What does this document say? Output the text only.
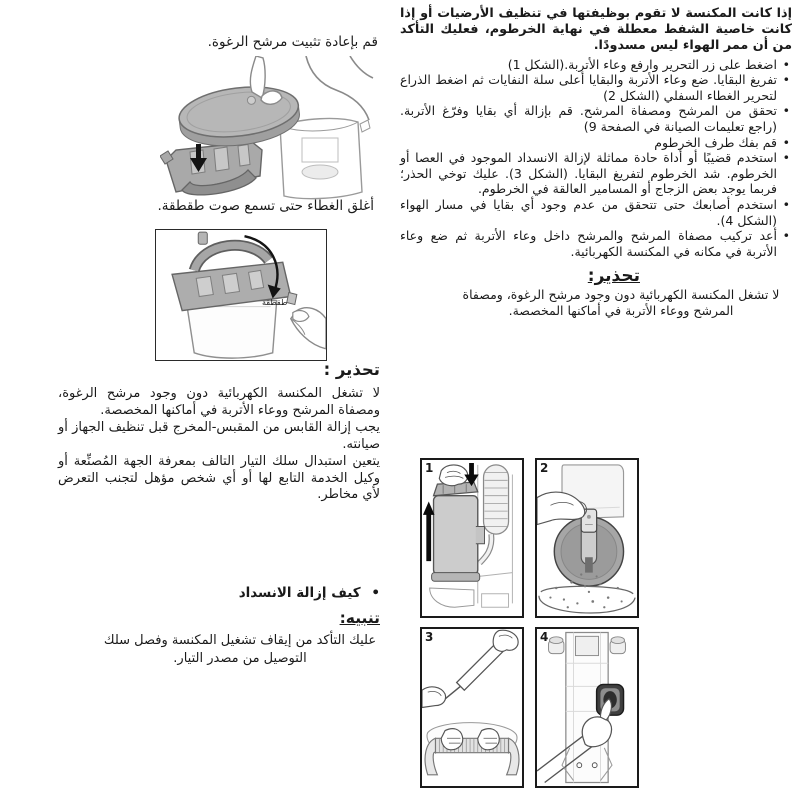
إذا كانت المكنسة لا تقوم بوظيفتها في تنظيف الأرضيات أو إذا كانت خاصية الشفط معطلة في نهاية الخرطوم، فعليك التأكد من أن ممر الهواء ليس مسدودًا.

•
اضغط على زر التحرير وارفع وعاء الأتربة.(الشكل 1)
•
تفريغ البقايا. ضع وعاء الأتربة والبقايا أعلى سلة النفايات ثم اضغط الذراع لتحرير الغطاء السفلي (الشكل 2)
•
تحقق من المرشح ومصفاة المرشح. قم بإزالة أي بقايا وفرّغ الأتربة. (راجع تعليمات الصيانة في الصفحة 9)
•
قم بفك طرف الخرطوم
•
استخدم قضيبًا أو أداة حادة مماثلة لإزالة الانسداد الموجود في العصا أو الخرطوم. شد الخرطوم لتفريغ البقايا. (الشكل 3). عليك توخي الحذر؛ فربما يوجد بعض الزجاج أو المسامير العالقة في الخرطوم.
•
استخدم أصابعك حتى تتحقق من عدم وجود أي بقايا في مسار الهواء (الشكل 4).
•
أعد تركيب مصفاة المرشح والمرشح داخل وعاء الأتربة ثم ضع وعاء الأتربة في مكانه في المكنسة الكهربائية.
تحذير:

لا تشغل المكنسة الكهربائية دون وجود مرشح الرغوة، ومصفاة المرشح ووعاء الأتربة في أماكنها المخصصة.

1	2
3	4
قم بإعادة تثبيت مرشح الرغوة.
أغلق الغطاء حتى تسمع صوت طقطقة.
طقطقة
تحذير :

لا تشغل المكنسة الكهربائية دون وجود مرشح الرغوة، ومصفاة المرشح ووعاء الأتربة في أماكنها المخصصة.

يجب إزالة القابس من المقبس-المخرج قبل تنظيف الجهاز أو صيانته.

يتعين استبدال سلك التيار التالف بمعرفة الجهة المُصنِّعة أو وكيل الخدمة التابع لها أو أي شخص مؤهل لتجنب التعرض لأي مخاطر.

• كيف إزالة الانسداد
تنبيه:
عليك التأكد من إيقاف تشغيل المكنسة وفصل سلك التوصيل من مصدر التيار.
